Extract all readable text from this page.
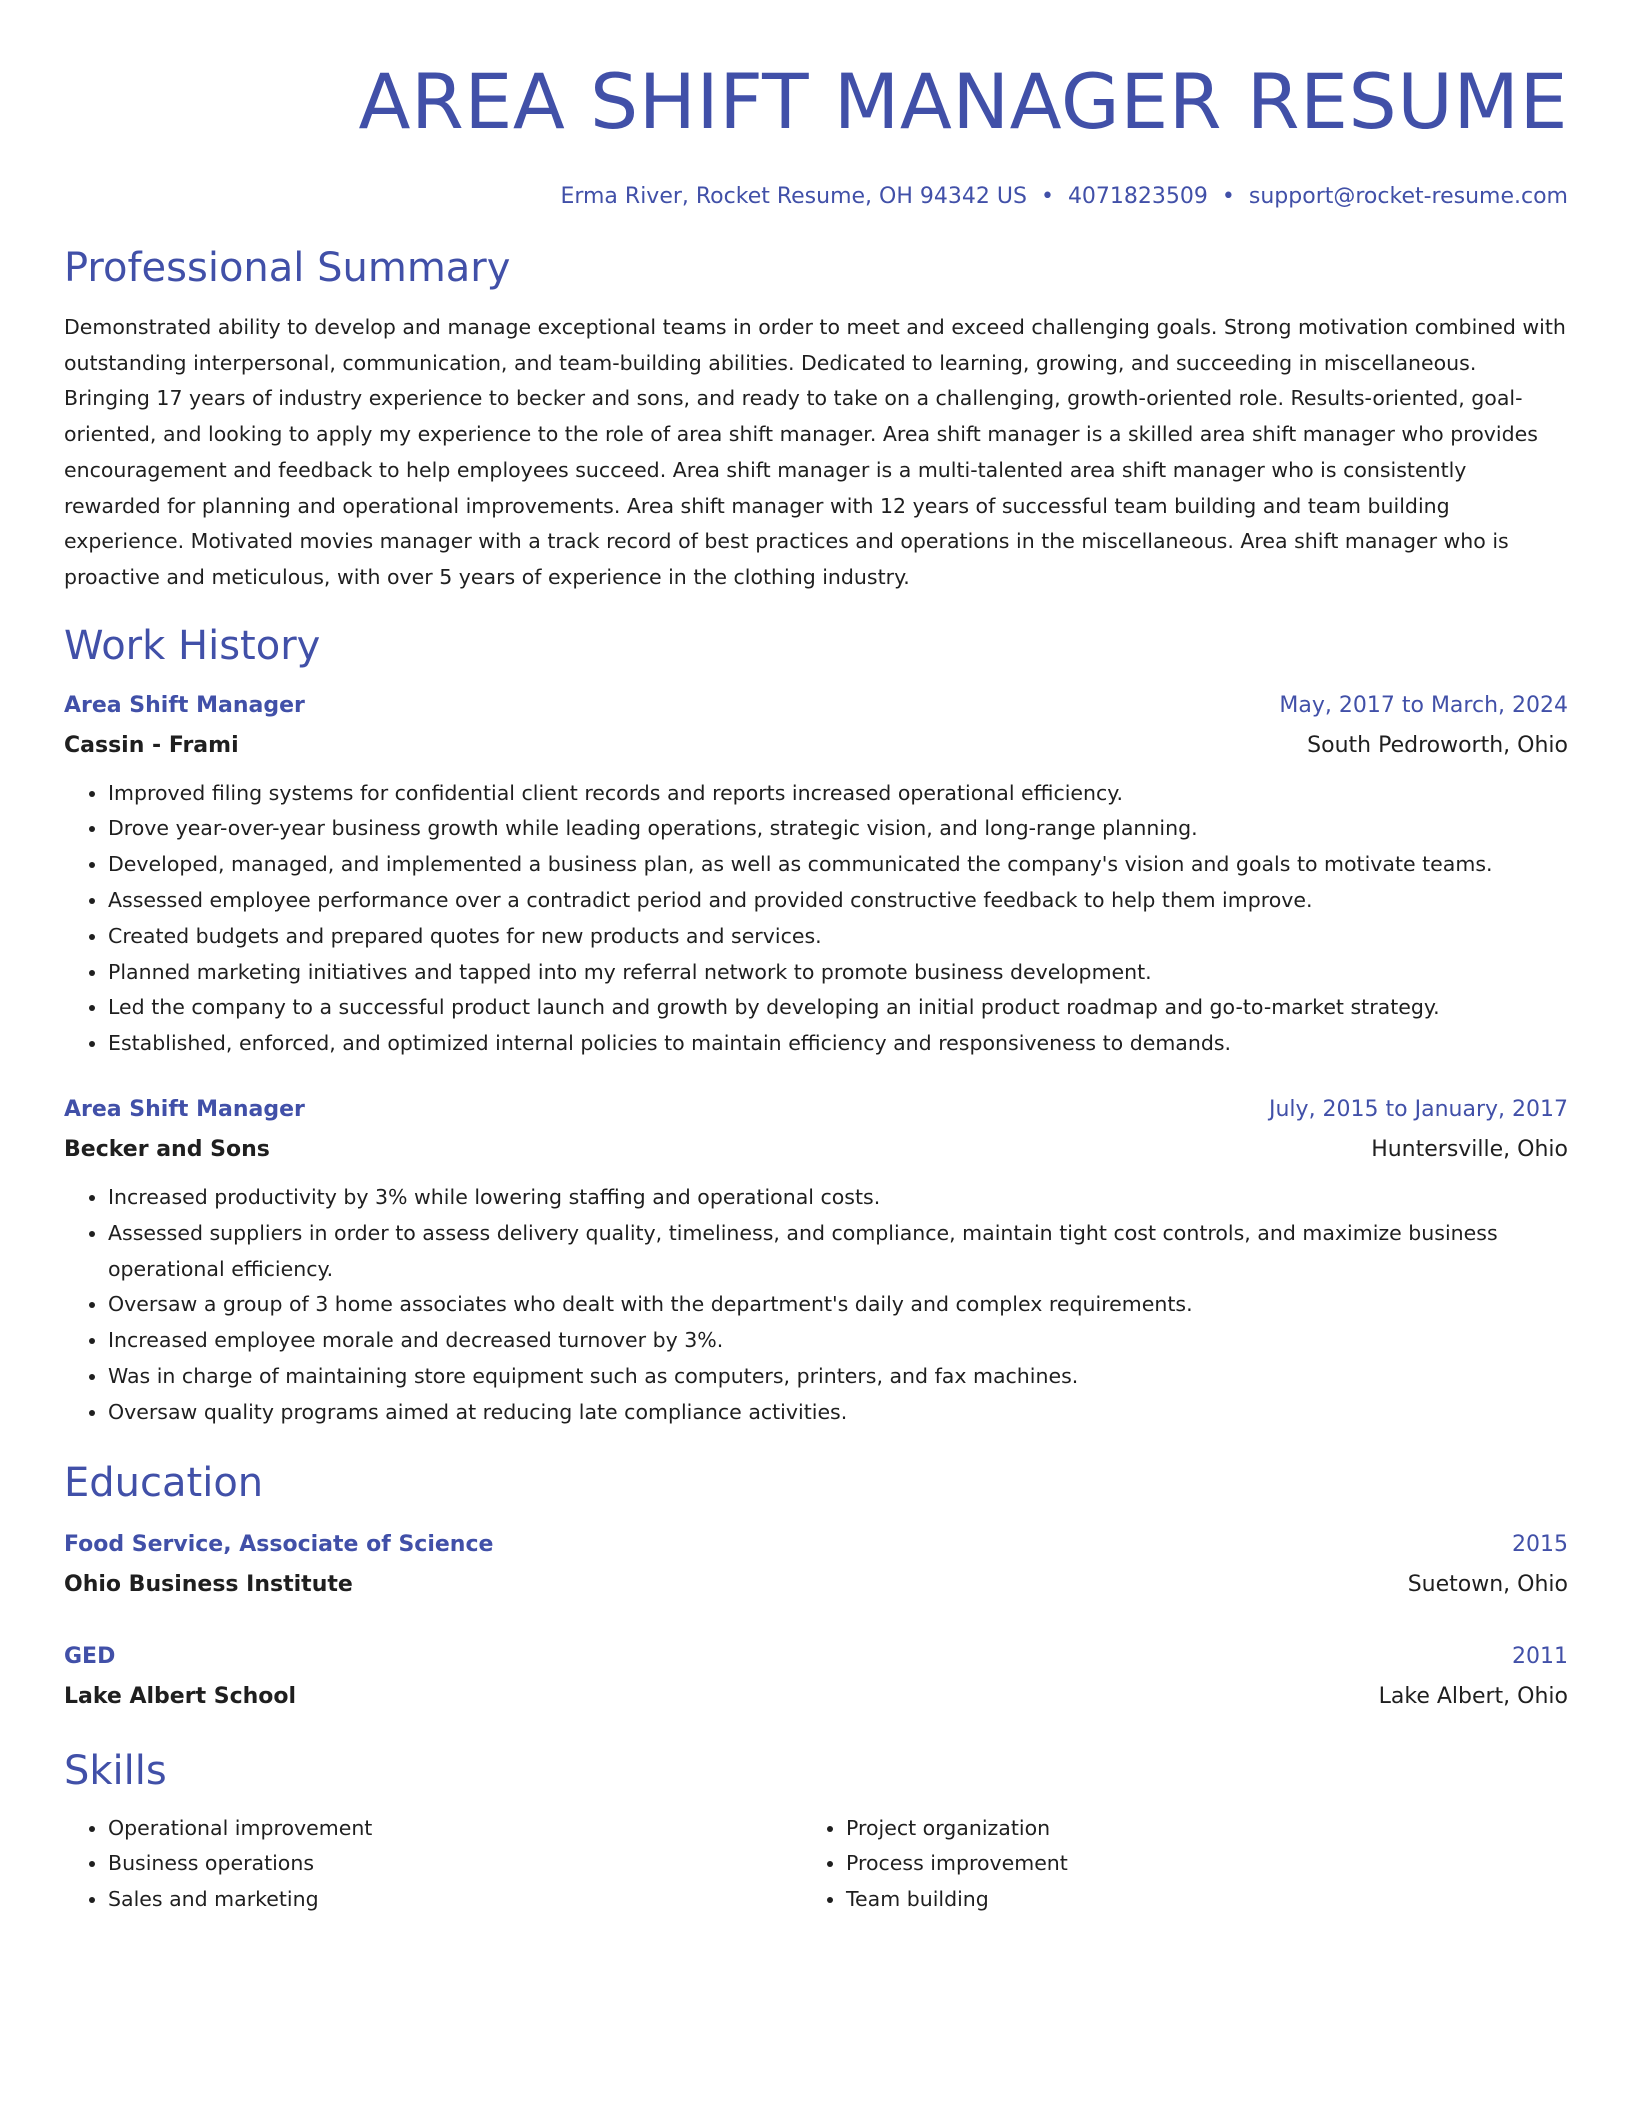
AREA SHIFT MANAGER RESUME
Erma River, Rocket Resume, OH 94342 US • 4071823509 • support@rocket-resume.com
Professional Summary
Demonstrated ability to develop and manage exceptional teams in order to meet and exceed challenging goals. Strong motivation combined with outstanding interpersonal, communication, and team-building abilities. Dedicated to learning, growing, and succeeding in miscellaneous. Bringing 17 years of industry experience to becker and sons, and ready to take on a challenging, growth-oriented role. Results-oriented, goal-oriented, and looking to apply my experience to the role of area shift manager. Area shift manager is a skilled area shift manager who provides encouragement and feedback to help employees succeed. Area shift manager is a multi-talented area shift manager who is consistently rewarded for planning and operational improvements. Area shift manager with 12 years of successful team building and team building experience. Motivated movies manager with a track record of best practices and operations in the miscellaneous. Area shift manager who is proactive and meticulous, with over 5 years of experience in the clothing industry.
Work History
Area Shift Manager	May, 2017 to March, 2024
Cassin - Frami	South Pedroworth, Ohio
• Improved filing systems for confidential client records and reports increased operational efficiency.
• Drove year-over-year business growth while leading operations, strategic vision, and long-range planning.
• Developed, managed, and implemented a business plan, as well as communicated the company's vision and goals to motivate teams.
• Assessed employee performance over a contradict period and provided constructive feedback to help them improve.
• Created budgets and prepared quotes for new products and services.
• Planned marketing initiatives and tapped into my referral network to promote business development.
• Led the company to a successful product launch and growth by developing an initial product roadmap and go-to-market strategy.
• Established, enforced, and optimized internal policies to maintain efficiency and responsiveness to demands.
Area Shift Manager	July, 2015 to January, 2017
Becker and Sons	Huntersville, Ohio
• Increased productivity by 3% while lowering staffing and operational costs.
• Assessed suppliers in order to assess delivery quality, timeliness, and compliance, maintain tight cost controls, and maximize business operational efficiency.
• Oversaw a group of 3 home associates who dealt with the department's daily and complex requirements.
• Increased employee morale and decreased turnover by 3%.
• Was in charge of maintaining store equipment such as computers, printers, and fax machines.
• Oversaw quality programs aimed at reducing late compliance activities.
Education
Food Service, Associate of Science	2015
Ohio Business Institute	Suetown, Ohio
GED	2011
Lake Albert School	Lake Albert, Ohio
Skills
• Operational improvement
• Business operations
• Sales and marketing
• Project organization
• Process improvement
• Team building
